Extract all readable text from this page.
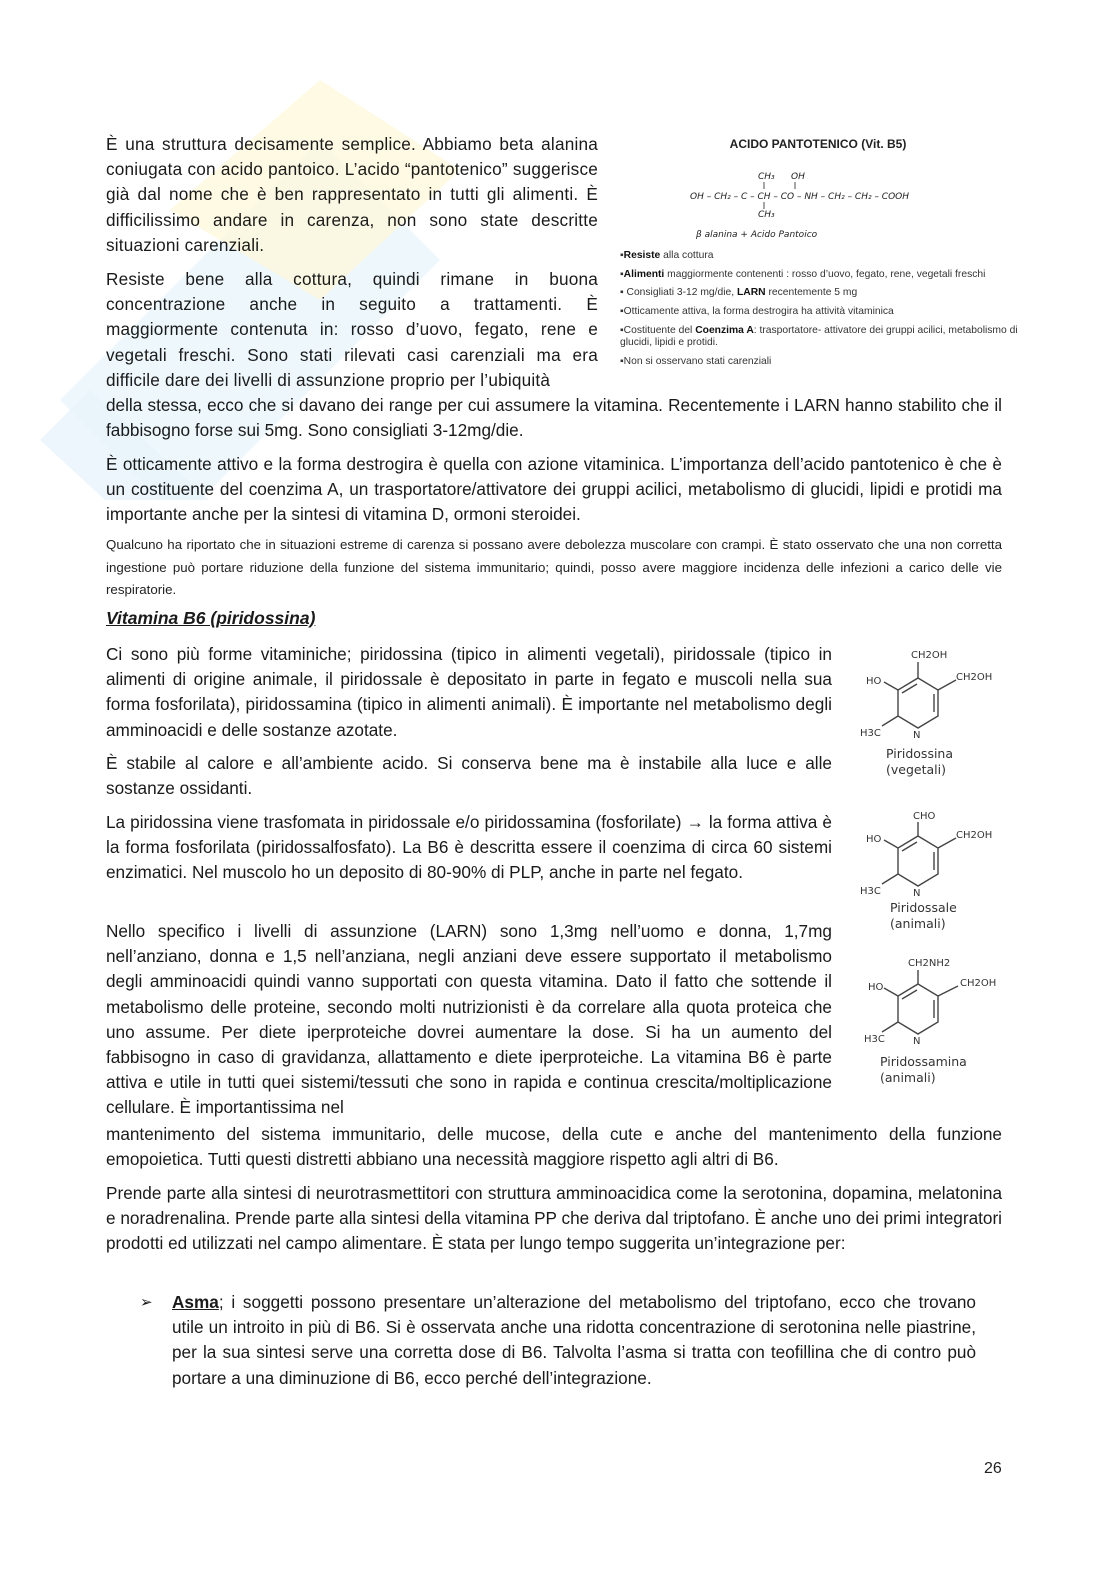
ACIDO PANTOTENICO (Vit. B5)
CH₃ OH
OH – CH₂ – C – CH – CO – NH – CH₂ – CH₂ – COOH
CH₃
β alanina + Acido Pantoico
▪Resiste alla cottura
▪Alimenti maggiormente contenenti : rosso d’uovo, fegato, rene, vegetali freschi
▪ Consigliati 3-12 mg/die, LARN recentemente 5 mg
▪Otticamente attiva, la forma destrogira ha attività vitaminica
▪Costituente del Coenzima A: trasportatore- attivatore dei gruppi acilici, metabolismo di glucidi, lipidi e protidi.
▪Non si osservano stati carenziali
CH2OH
CH2OH
HO
H3C	N
Piridossina
(vegetali)
CHO
CH2OH
HO
H3C	N
Piridossale
(animali)
CH2NH2
CH2OH
HO
H3C	N
Piridossamina
(animali)

È una struttura decisamente semplice. Abbiamo beta alanina coniugata con acido pantoico. L’acido “pantotenico” suggerisce già dal nome che è ben rappresentato in tutti gli alimenti. È difficilissimo andare in carenza, non sono state descritte situazioni carenziali.

Resiste bene alla cottura, quindi rimane in buona concentrazione anche in seguito a trattamenti. È maggiormente contenuta in: rosso d’uovo, fegato, rene e vegetali freschi. Sono stati rilevati casi carenziali ma era difficile dare dei livelli di assunzione proprio per l’ubiquità

della stessa, ecco che si davano dei range per cui assumere la vitamina. Recentemente i LARN hanno stabilito che il fabbisogno forse sui 5mg. Sono consigliati 3-12mg/die.

È otticamente attivo e la forma destrogira è quella con azione vitaminica. L’importanza dell’acido pantotenico è che è un costituente del coenzima A, un trasportatore/attivatore dei gruppi acilici, metabolismo di glucidi, lipidi e protidi ma importante anche per la sintesi di vitamina D, ormoni steroidei.

Qualcuno ha riportato che in situazioni estreme di carenza si possano avere debolezza muscolare con crampi. È stato osservato che una non corretta ingestione può portare riduzione della funzione del sistema immunitario; quindi, posso avere maggiore incidenza delle infezioni a carico delle vie respiratorie.

Vitamina B6 (piridossina)

Ci sono più forme vitaminiche; piridossina (tipico in alimenti vegetali), piridossale (tipico in alimenti di origine animale, il piridossale è depositato in parte in fegato e muscoli nella sua forma fosforilata), piridossamina (tipico in alimenti animali). È importante nel metabolismo degli amminoacidi e delle sostanze azotate.

È stabile al calore e all’ambiente acido. Si conserva bene ma è instabile alla luce e alle sostanze ossidanti.

La piridossina viene trasfomata in piridossale e/o piridossamina (fosforilate) → la forma attiva è la forma fosforilata (piridossalfosfato). La B6 è descritta essere il coenzima di circa 60 sistemi enzimatici. Nel muscolo ho un deposito di 80-90% di PLP, anche in parte nel fegato.

Nello specifico i livelli di assunzione (LARN) sono 1,3mg nell’uomo e donna, 1,7mg nell’anziano, donna e 1,5 nell’anziana, negli anziani deve essere supportato il metabolismo degli amminoacidi quindi vanno supportati con questa vitamina. Dato il fatto che sottende il metabolismo delle proteine, secondo molti nutrizionisti è da correlare alla quota proteica che uno assume. Per diete iperproteiche dovrei aumentare la dose. Si ha un aumento del fabbisogno in caso di gravidanza, allattamento e diete iperproteiche. La vitamina B6 è parte attiva e utile in tutti quei sistemi/tessuti che sono in rapida e continua crescita/moltiplicazione cellulare. È importantissima nel

mantenimento del sistema immunitario, delle mucose, della cute e anche del mantenimento della funzione emopoietica. Tutti questi distretti abbiano una necessità maggiore rispetto agli altri di B6.

Prende parte alla sintesi di neurotrasmettitori con struttura amminoacidica come la serotonina, dopamina, melatonina e noradrenalina. Prende parte alla sintesi della vitamina PP che deriva dal triptofano. È anche uno dei primi integratori prodotti ed utilizzati nel campo alimentare. È stata per lungo tempo suggerita un’integrazione per:

➢	Asma; i soggetti possono presentare un’alterazione del metabolismo del triptofano, ecco che trovano utile un introito in più di B6. Si è osservata anche una ridotta concentrazione di serotonina nelle piastrine, per la sua sintesi serve una corretta dose di B6. Talvolta l’asma si tratta con teofillina che di contro può portare a una diminuzione di B6, ecco perché dell’integrazione.

26
